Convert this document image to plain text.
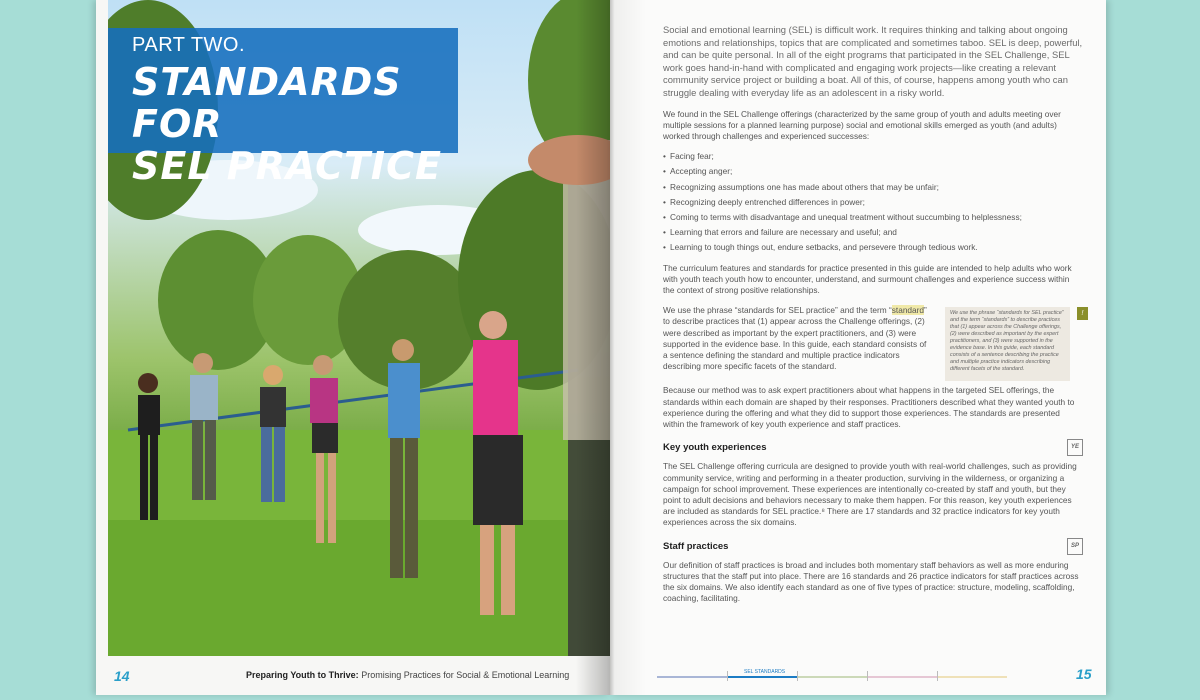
PART TWO.
STANDARDS FOR
SEL PRACTICE
14	Preparing Youth to Thrive: Promising Practices for Social & Emotional Learning

Social and emotional learning (SEL) is difficult work. It requires thinking and talking about ongoing emotions and relationships, topics that are complicated and sometimes taboo. SEL is deep, powerful, and can be quite personal. In all of the eight programs that participated in the SEL Challenge, SEL work goes hand-in-hand with complicated and engaging work projects—like creating a relevant community service project or building a boat. All of this, of course, happens among youth who can struggle dealing with everyday life as an adolescent in a risky world.

We found in the SEL Challenge offerings (characterized by the same group of youth and adults meeting over multiple sessions for a planned learning purpose) social and emotional skills emerged as youth (and adults) worked through challenges and experienced successes:

• Facing fear;
• Accepting anger;
• Recognizing assumptions one has made about others that may be unfair;
• Recognizing deeply entrenched differences in power;
• Coming to terms with disadvantage and unequal treatment without succumbing to helplessness;
• Learning that errors and failure are necessary and useful; and
• Learning to tough things out, endure setbacks, and persevere through tedious work.

The curriculum features and standards for practice presented in this guide are intended to help adults who work with youth teach youth how to encounter, understand, and surmount challenges and experience success within the context of strong positive relationships.

We use the phrase “standards for SEL practice” and the term “standard” to describe practices that (1) appear across the Challenge offerings, (2) were described as important by the expert practitioners, and (3) were supported in the evidence base. In this guide, each standard consists of a sentence defining the standard and multiple practice indicators describing more specific facets of the standard.

We use the phrase “standards for SEL practice” and the term “standards” to describe practices that (1) appear across the Challenge offerings, (2) were described as important by the expert practitioners, and (3) were supported in the evidence base. In this guide, each standard consists of a sentence describing the practice and multiple practice indicators describing different facets of the standard.
!

Because our method was to ask expert practitioners about what happens in the targeted SEL offerings, the standards within each domain are shaped by their responses. Practitioners described what they wanted youth to experience during the offering and what they did to support those experiences. The standards are presented within the framework of key youth experience and staff practices.

Key youth experiences	YE

The SEL Challenge offering curricula are designed to provide youth with real-world challenges, such as providing community service, writing and performing in a theater production, surviving in the wilderness, or organizing a campaign for school improvement. These experiences are intentionally co-created by staff and youth, but they point to adult decisions and behaviors necessary to make them happen. For this reason, key youth experiences are included as standards for SEL practice.⁸ There are 17 standards and 32 practice indicators for key youth experiences across the six domains.

Staff practices	SP

Our definition of staff practices is broad and includes both momentary staff behaviors as well as more enduring structures that the staff put into place. There are 16 standards and 26 practice indicators for staff practices across the six domains. We also identify each standard as one of five types of practice: structure, modeling, scaffolding, coaching, facilitating.

SEL STANDARDS	15
